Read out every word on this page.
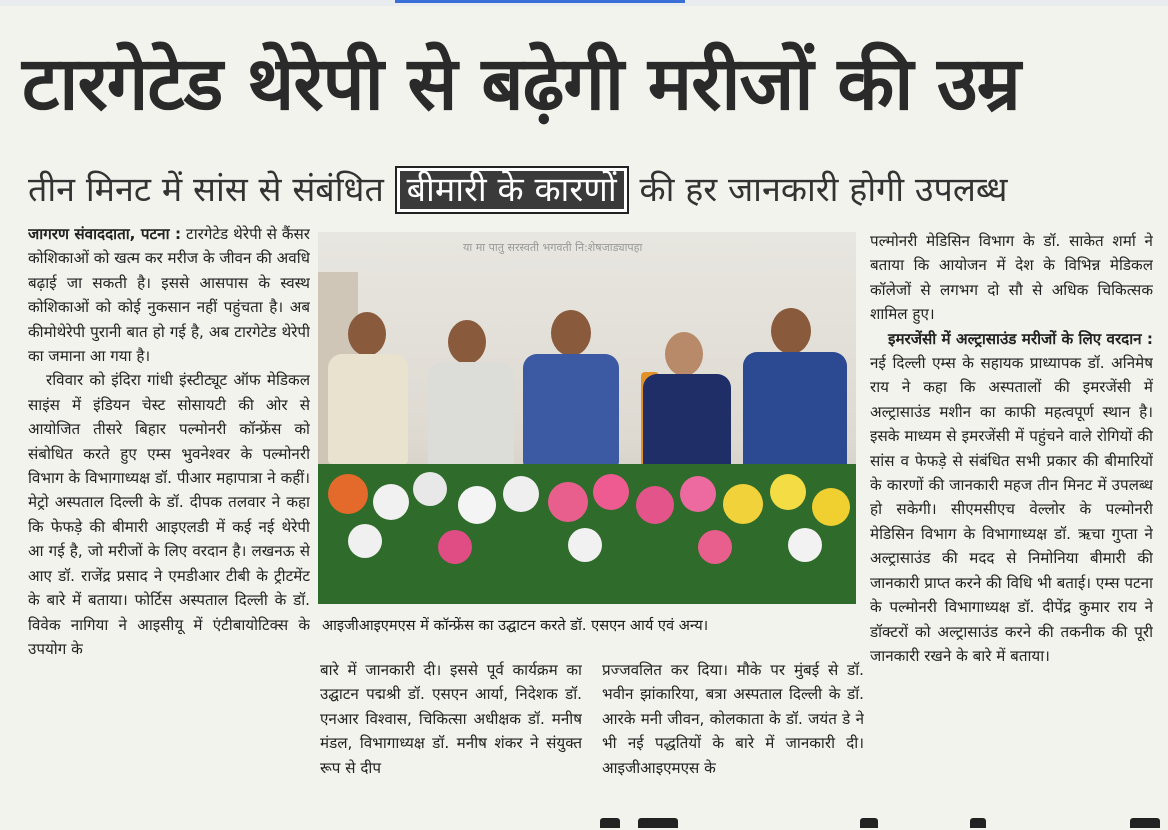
टारगेटेड थेरेपी से बढ़ेगी मरीजों की उम्र
तीन मिनट में सांस से संबंधित बीमारी के कारणों की हर जानकारी होगी उपलब्ध

जागरण संवाददाता, पटना : टारगेटेड थेरेपी से कैंसर कोशिकाओं को खत्म कर मरीज के जीवन की अवधि बढ़ाई जा सकती है। इससे आसपास के स्वस्थ कोशिकाओं को कोई नुकसान नहीं पहुंचता है। अब कीमोथेरेपी पुरानी बात हो गई है, अब टारगेटेड थेरेपी का जमाना आ गया है।

रविवार को इंदिरा गांधी इंस्टीट्यूट ऑफ मेडिकल साइंस में इंडियन चेस्ट सोसायटी की ओर से आयोजित तीसरे बिहार पल्मोनरी कॉन्फ्रेंस को संबोधित करते हुए एम्स भुवनेश्वर के पल्मोनरी विभाग के विभागाध्यक्ष डॉ. पीआर महापात्रा ने कहीं। मेट्रो अस्पताल दिल्ली के डॉ. दीपक तलवार ने कहा कि फेफड़े की बीमारी आइएलडी में कई नई थेरेपी आ गई है, जो मरीजों के लिए वरदान है। लखनऊ से आए डॉ. राजेंद्र प्रसाद ने एमडीआर टीबी के ट्रीटमेंट के बारे में बताया। फोर्टिस अस्पताल दिल्ली के डॉ. विवेक नागिया ने आइसीयू में एंटीबायोटिक्स के उपयोग के

या मा पातु सरस्वती भगवती नि:शेषजाड्यापहा
आइजीआइएमएस में कॉन्फ्रेंस का उद्घाटन करते डॉ. एसएन आर्य एवं अन्य।

बारे में जानकारी दी। इससे पूर्व कार्यक्रम का उद्घाटन पद्मश्री डॉ. एसएन आर्या, निदेशक डॉ. एनआर विश्वास, चिकित्सा अधीक्षक डॉ. मनीष मंडल, विभागाध्यक्ष डॉ. मनीष शंकर ने संयुक्त रूप से दीप

प्रज्जवलित कर दिया। मौके पर मुंबई से डॉ. भवीन झांकारिया, बत्रा अस्पताल दिल्ली के डॉ. आरके मनी जीवन, कोलकाता के डॉ. जयंत डे ने भी नई पद्धतियों के बारे में जानकारी दी। आइजीआइएमएस के

पल्मोनरी मेडिसिन विभाग के डॉ. साकेत शर्मा ने बताया कि आयोजन में देश के विभिन्न मेडिकल कॉलेजों से लगभग दो सौ से अधिक चिकित्सक शामिल हुए।

इमरजेंसी में अल्ट्रासाउंड मरीजों के लिए वरदान : नई दिल्ली एम्स के सहायक प्राध्यापक डॉ. अनिमेष राय ने कहा कि अस्पतालों की इमरजेंसी में अल्ट्रासाउंड मशीन का काफी महत्वपूर्ण स्थान है। इसके माध्यम से इमरजेंसी में पहुंचने वाले रोगियों की सांस व फेफड़े से संबंधित सभी प्रकार की बीमारियों के कारणों की जानकारी महज तीन मिनट में उपलब्ध हो सकेगी। सीएमसीएच वेल्लोर के पल्मोनरी मेडिसिन विभाग के विभागाध्यक्ष डॉ. ऋचा गुप्ता ने अल्ट्रासाउंड की मदद से निमोनिया बीमारी की जानकारी प्राप्त करने की विधि भी बताई। एम्स पटना के पल्मोनरी विभागाध्यक्ष डॉ. दीपेंद्र कुमार राय ने डॉक्टरों को अल्ट्रासाउंड करने की तकनीक की पूरी जानकारी रखने के बारे में बताया।
